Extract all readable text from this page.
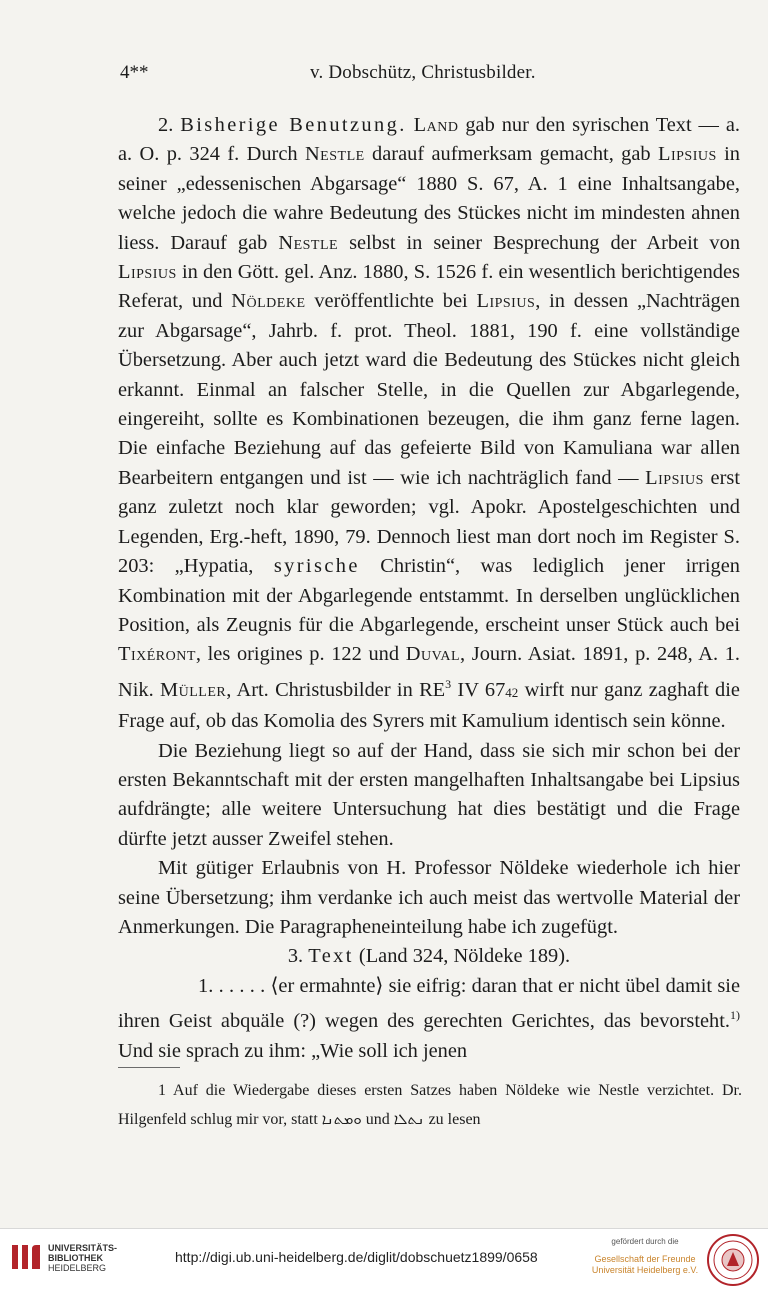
4**	v. Dobschütz, Christusbilder.

2. Bisherige Benutzung. Land gab nur den syrischen Text — a. a. O. p. 324 f. Durch Nestle darauf aufmerksam gemacht, gab Lipsius in seiner „edessenischen Abgarsage“ 1880 S. 67, A. 1 eine Inhaltsangabe, welche jedoch die wahre Bedeutung des Stückes nicht im mindesten ahnen liess. Darauf gab Nestle selbst in seiner Besprechung der Arbeit von Lipsius in den Gött. gel. Anz. 1880, S. 1526 f. ein wesentlich berichtigendes Referat, und Nöldeke veröffentlichte bei Lipsius, in dessen „Nachträgen zur Abgarsage“, Jahrb. f. prot. Theol. 1881, 190 f. eine vollständige Übersetzung. Aber auch jetzt ward die Bedeutung des Stückes nicht gleich erkannt. Einmal an falscher Stelle, in die Quellen zur Abgarlegende, eingereiht, sollte es Kombinationen bezeugen, die ihm ganz ferne lagen. Die einfache Beziehung auf das gefeierte Bild von Kamuliana war allen Bearbeitern entgangen und ist — wie ich nachträglich fand — Lipsius erst ganz zuletzt noch klar geworden; vgl. Apokr. Apostelgeschichten und Legenden, Erg.-heft, 1890, 79. Dennoch liest man dort noch im Register S. 203: „Hypatia, syrische Christin“, was lediglich jener irrigen Kombination mit der Abgarlegende entstammt. In derselben unglücklichen Position, als Zeugnis für die Abgarlegende, erscheint unser Stück auch bei Tixéront, les origines p. 122 und Duval, Journ. Asiat. 1891, p. 248, A. 1. Nik. Müller, Art. Christusbilder in $RE^3$ IV 6742 wirft nur ganz zaghaft die Frage auf, ob das Komolia des Syrers mit Kamulium identisch sein könne.

Die Beziehung liegt so auf der Hand, dass sie sich mir schon bei der ersten Bekanntschaft mit der ersten mangelhaften Inhaltsangabe bei Lipsius aufdrängte; alle weitere Untersuchung hat dies bestätigt und die Frage dürfte jetzt ausser Zweifel stehen.

Mit gütiger Erlaubnis von H. Professor Nöldeke wiederhole ich hier seine Übersetzung; ihm verdanke ich auch meist das wertvolle Material der Anmerkungen. Die Paragrapheneinteilung habe ich zugefügt.

3. Text (Land 324, Nöldeke 189).

1. . . . . . ⟨er ermahnte⟩ sie eifrig: daran that er nicht übel damit sie ihren Geist abquäle (?) wegen des gerechten Gerichtes, das bevorsteht.$^{1)}$ Und sie sprach zu ihm: „Wie soll ich jenen

1 Auf die Wiedergabe dieses ersten Satzes haben Nöldeke wie Nestle verzichtet. Dr. Hilgenfeld schlug mir vor, statt ܘܡܬܢܐ und ܢܬܠܐ zu lesen

UNIVERSITÄTS-
BIBLIOTHEK
HEIDELBERG
http://digi.ub.uni-heidelberg.de/diglit/dobschuetz1899/0658
gefördert durch die
Gesellschaft der Freunde
Universität Heidelberg e.V.
